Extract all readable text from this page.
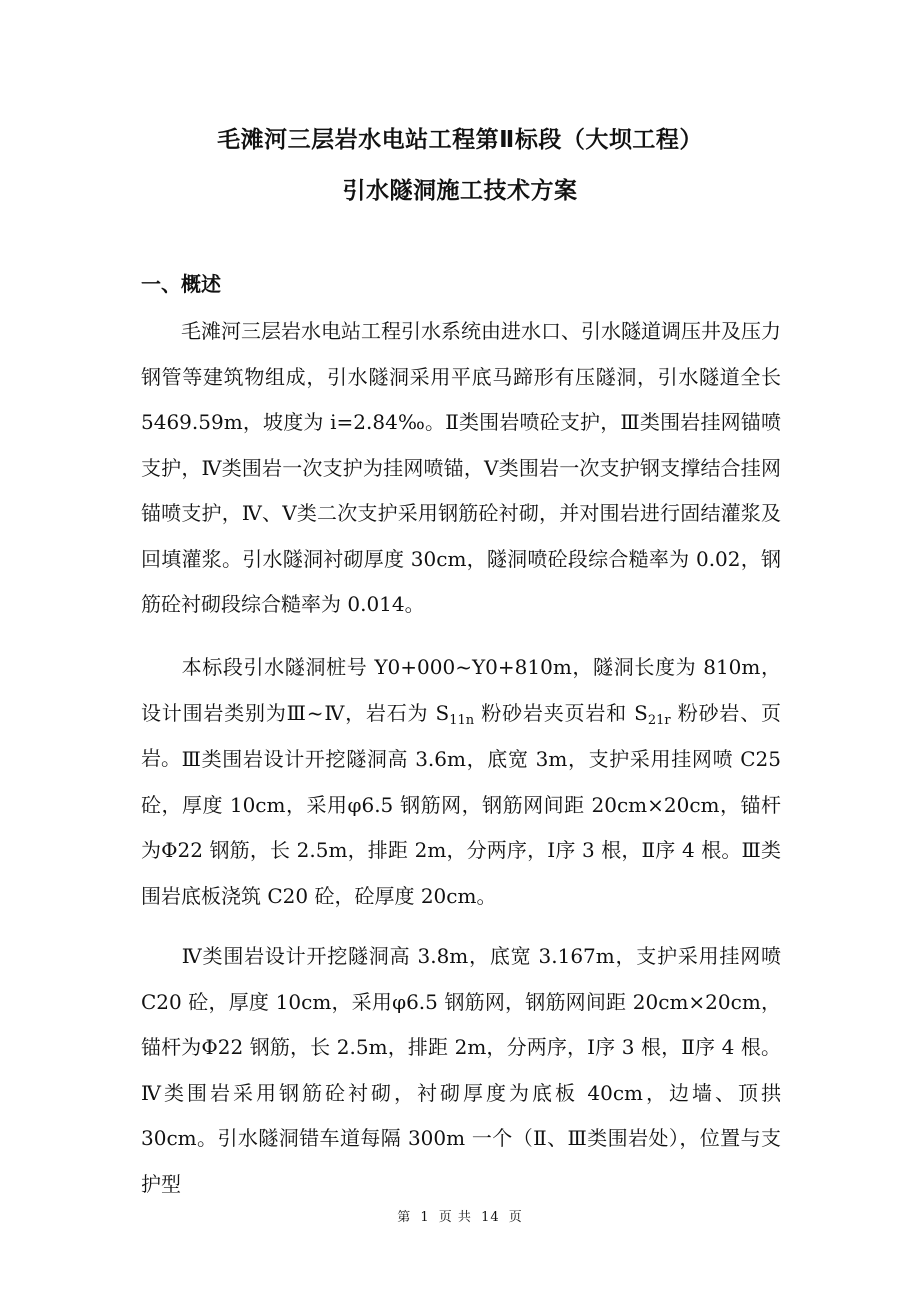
毛滩河三层岩水电站工程第Ⅱ标段（大坝工程）
引水隧洞施工技术方案
一、概述

毛滩河三层岩水电站工程引水系统由进水口、引水隧道调压井及压力钢管等建筑物组成，引水隧洞采用平底马蹄形有压隧洞，引水隧道全长 5469.59m，坡度为 i=2.84‰。Ⅱ类围岩喷砼支护，Ⅲ类围岩挂网锚喷支护，Ⅳ类围岩一次支护为挂网喷锚，Ⅴ类围岩一次支护钢支撑结合挂网锚喷支护，Ⅳ、Ⅴ类二次支护采用钢筋砼衬砌，并对围岩进行固结灌浆及回填灌浆。引水隧洞衬砌厚度 30cm，隧洞喷砼段综合糙率为 0.02，钢筋砼衬砌段综合糙率为 0.014。

本标段引水隧洞桩号 Y0+000~Y0+810m，隧洞长度为 810m，设计围岩类别为Ⅲ~Ⅳ，岩石为 $S_{11n}$ 粉砂岩夹页岩和 $S_{21r}$ 粉砂岩、页岩。 Ⅲ类围岩设计开挖隧洞高 3.6m，底宽 3m，支护采用挂网喷 C25 砼，厚度 10cm，采用φ6.5 钢筋网，钢筋网间距 20cm×20cm，锚杆为Φ22 钢筋，长 2.5m，排距 2m，分两序，Ⅰ序 3 根，Ⅱ序 4 根。Ⅲ类围岩底板浇筑 C20 砼，砼厚度 20cm。

Ⅳ类围岩设计开挖隧洞高 3.8m，底宽 3.167m，支护采用挂网喷 C20 砼，厚度 10cm，采用φ6.5 钢筋网，钢筋网间距 20cm×20cm，锚杆为Φ22 钢筋，长 2.5m，排距 2m，分两序，Ⅰ序 3 根，Ⅱ序 4 根。Ⅳ类围岩采用钢筋砼衬砌，衬砌厚度为底板 40cm，边墙、顶拱 30cm。引水隧洞错车道每隔 300m 一个（Ⅱ、Ⅲ类围岩处），位置与支护型

第 1 页 共 14 页
